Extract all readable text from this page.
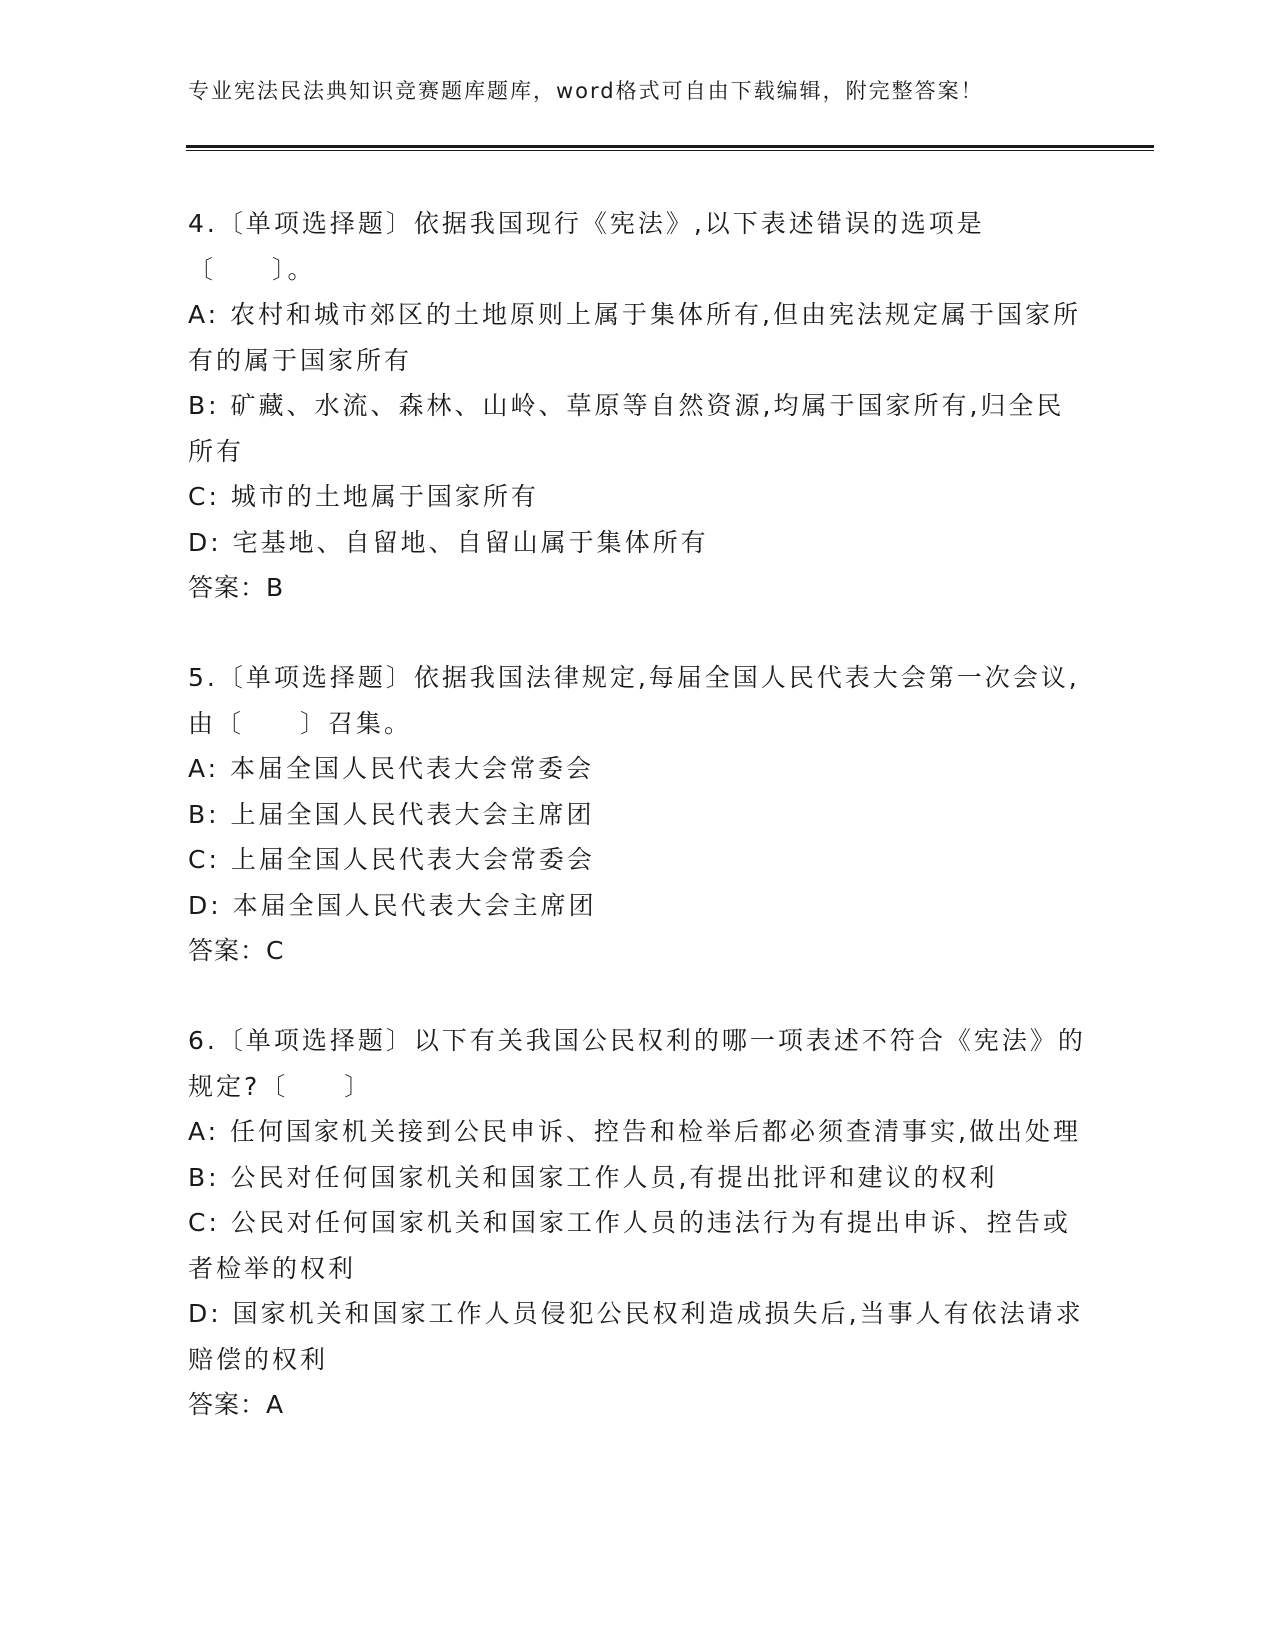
专业宪法民法典知识竞赛题库题库，word格式可自由下载编辑，附完整答案！

4.〔单项选择题〕依据我国现行《宪法》,以下表述错误的选项是〔　　〕。

A: 农村和城市郊区的土地原则上属于集体所有,但由宪法规定属于国家所有的属于国家所有

B: 矿藏、水流、森林、山岭、草原等自然资源,均属于国家所有,归全民所有

C: 城市的土地属于国家所有

D: 宅基地、自留地、自留山属于集体所有

答案：B

5.〔单项选择题〕依据我国法律规定,每届全国人民代表大会第一次会议,由〔　　〕召集。

A: 本届全国人民代表大会常委会

B: 上届全国人民代表大会主席团

C: 上届全国人民代表大会常委会

D: 本届全国人民代表大会主席团

答案：C

6.〔单项选择题〕以下有关我国公民权利的哪一项表述不符合《宪法》的规定?〔　　〕

A: 任何国家机关接到公民申诉、控告和检举后都必须查清事实,做出处理

B: 公民对任何国家机关和国家工作人员,有提出批评和建议的权利

C: 公民对任何国家机关和国家工作人员的违法行为有提出申诉、控告或者检举的权利

D: 国家机关和国家工作人员侵犯公民权利造成损失后,当事人有依法请求赔偿的权利

答案：A
